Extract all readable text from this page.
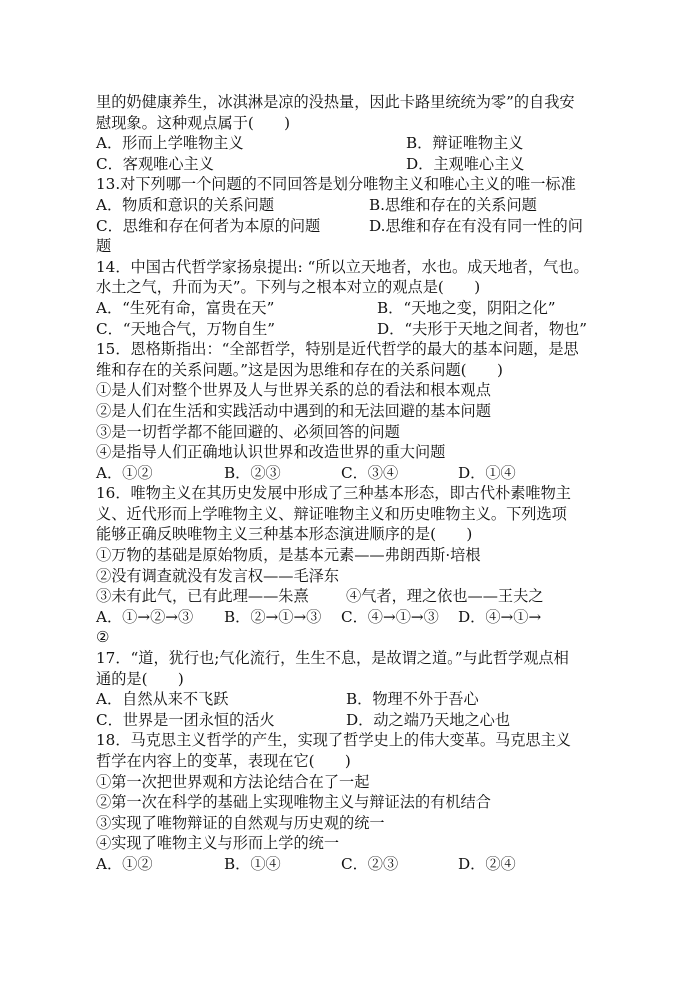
里的奶健康养生，冰淇淋是凉的没热量，因此卡路里统统为零”的自我安
慰现象。这种观点属于(　　)
A．形而上学唯物主义	B．辩证唯物主义
C．客观唯心主义	D．主观唯心主义
13.对下列哪一个问题的不同回答是划分唯物主义和唯心主义的唯一标准
A．物质和意识的关系问题	B.思维和存在的关系问题
C．思维和存在何者为本原的问题	D.思维和存在有没有同一性的问
题
14．中国古代哲学家扬泉提出: “所以立天地者，水也。成天地者，气也。
水土之气，升而为天”。下列与之根本对立的观点是(　　)
A．“生死有命，富贵在天”	B．“天地之变，阴阳之化”
C．“天地合气，万物自生”	D．“夫形于天地之间者，物也”
15．恩格斯指出：“全部哲学，特别是近代哲学的最大的基本问题，是思
维和存在的关系问题。”这是因为思维和存在的关系问题(　　)
①是人们对整个世界及人与世界关系的总的看法和根本观点
②是人们在生活和实践活动中遇到的和无法回避的基本问题
③是一切哲学都不能回避的、必须回答的问题
④是指导人们正确地认识世界和改造世界的重大问题
A．①②	B．②③	C．③④	D．①④
16．唯物主义在其历史发展中形成了三种基本形态，即古代朴素唯物主
义、近代形而上学唯物主义、辩证唯物主义和历史唯物主义。下列选项
能够正确反映唯物主义三种基本形态演进顺序的是(　　)
①万物的基础是原始物质，是基本元素——弗朗西斯·培根
②没有调查就没有发言权——毛泽东
③未有此气，已有此理——朱熹 ④气者，理之依也——王夫之
A．①→②→③ B．②→①→③ C．④→①→③ D．④→①→
②
17．“道，犹行也;气化流行，生生不息，是故谓之道。”与此哲学观点相
通的是(　　)
A．自然从来不飞跃	B．物理不外于吾心
C．世界是一团永恒的活火	D．动之端乃天地之心也
18．马克思主义哲学的产生，实现了哲学史上的伟大变革。马克思主义
哲学在内容上的变革，表现在它(　　)
①第一次把世界观和方法论结合在了一起
②第一次在科学的基础上实现唯物主义与辩证法的有机结合
③实现了唯物辩证的自然观与历史观的统一
④实现了唯物主义与形而上学的统一
A．①②	B．①④	C．②③	D．②④
